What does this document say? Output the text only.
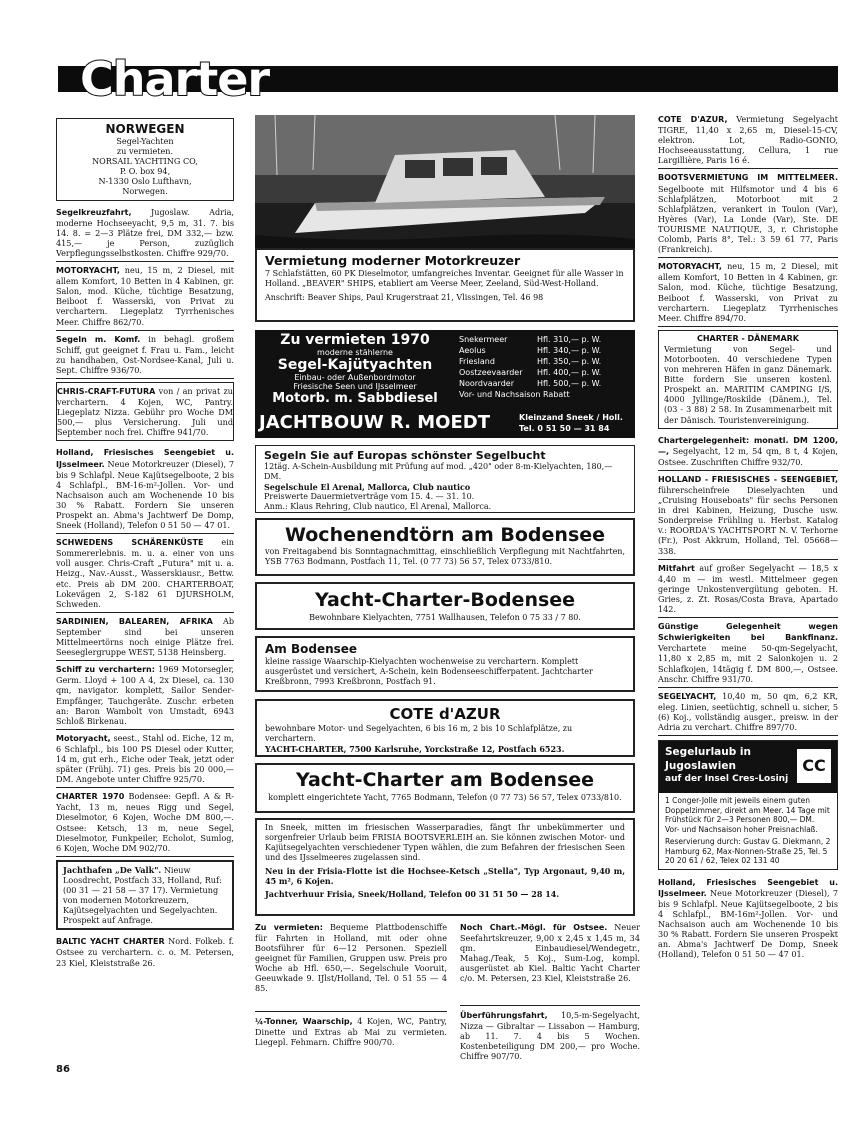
Charter
NORWEGEN
Segel-Yachten
zu vermieten.
NORSAIL YACHTING CO,
P. O. box 94,
N-1330 Oslo Lufthavn,
Norwegen.
Segelkreuzfahrt, Jugoslaw. Adria, moderne Hochseeyacht, 9,5 m, 31. 7. bis 14. 8. = 2—3 Plätze frei, DM 332,— bzw. 415,— je Person, zuzüglich Verpflegungsselbstkosten. Chiffre 929/70.
MOTORYACHT, neu, 15 m, 2 Diesel, mit allem Komfort, 10 Betten in 4 Kabinen, gr. Salon, mod. Küche, tüchtige Besatzung, Beiboot f. Wasserski, von Privat zu verchartern. Liegeplatz Tyrrhenisches Meer. Chiffre 862/70.
Segeln m. Komf. in behagl. großem Schiff, gut geeignet f. Frau u. Fam., leicht zu handhaben, Ost-Nordsee-Kanal, Juli u. Sept. Chiffre 936/70.
CHRIS-CRAFT-FUTURA von / an privat zu verchartern. 4 Kojen, WC, Pantry. Liegeplatz Nizza. Gebühr pro Woche DM 500,— plus Versicherung. Juli und September noch frei. Chiffre 941/70.
Holland, Friesisches Seengebiet u. IJsselmeer. Neue Motorkreuzer (Diesel), 7 bis 9 Schlafpl. Neue Kajütsegelboote, 2 bis 4 Schlafpl., BM-16-m²-Jollen. Vor- und Nachsaison auch am Wochenende 10 bis 30 % Rabatt. Fordern Sie unseren Prospekt an. Abma's Jachtwerf De Domp, Sneek (Holland), Telefon 0 51 50 — 47 01.
SCHWEDENS SCHÄRENKÜSTE ein Sommererlebnis. m. u. a. einer von uns voll ausger. Chris-Craft „Futura" mit u. a. Heizg., Nav.-Ausst., Wasserskiausr., Bettw. etc. Preis ab DM 200. CHARTERBOAT, Lokevägen 2, S-182 61 DJURSHOLM, Schweden.
SARDINIEN, BALEAREN, AFRIKA Ab September sind bei unseren Mittelmeertörns noch einige Plätze frei. Seeseglergruppe WEST, 5138 Heinsberg.
Schiff zu verchartern: 1969 Motorsegler, Germ. Lloyd + 100 A 4, 2x Diesel, ca. 130 qm, navigator. komplett, Sailor Sender-Empfänger, Tauchgeräte. Zuschr. erbeten an: Baron Wambolt von Umstadt, 6943 Schloß Birkenau.
Motoryacht, seest., Stahl od. Eiche, 12 m, 6 Schlafpl., bis 100 PS Diesel oder Kutter, 14 m, gut erh., Eiche oder Teak, jetzt oder später (Frühj. 71) ges. Preis bis 20 000,— DM. Angebote unter Chiffre 925/70.
CHARTER 1970 Bodensee: Gepfl. A & R-Yacht, 13 m, neues Rigg und Segel, Dieselmotor, 6 Kojen, Woche DM 800,—. Ostsee: Ketsch, 13 m, neue Segel, Dieselmotor, Funkpeiler, Echolot, Sumlog, 6 Kojen, Woche DM 902/70.
Jachthafen „De Valk". Nieuw Loosdrecht, Postfach 33, Holland, Ruf: (00 31 — 21 58 — 37 17). Vermietung von modernen Motorkreuzern, Kajütsegelyachten und Segelyachten. Prospekt auf Anfrage.
BALTIC YACHT CHARTER Nord. Folkeb. f. Ostsee zu verchartern. c. o. M. Petersen, 23 Kiel, Kleiststraße 26.
Vermietung moderner Motorkreuzer
7 Schlafstätten, 60 PK Dieselmotor, umfangreiches Inventar. Geeignet für alle Wasser in Holland. „BEAVER" SHIPS, etabliert am Veerse Meer, Zeeland, Süd-West-Holland.
Anschrift: Beaver Ships, Paul Krugerstraat 21, Vlissingen, Tel. 46 98
Zu vermieten 1970
moderne stählerne
Segel-Kajütyachten
Einbau- oder Außenbordmotor
Friesische Seen und IJsselmeer
Motorb. m. Sabbdiesel
Snekermeer	Hfl. 310,— p. W.
Aeolus	Hfl. 340,— p. W.
Friesland	Hfl. 350,— p. W.
Oostzeevaarder Hfl. 400,— p. W.
Noordvaarder	Hfl. 500,— p. W.
Vor- und Nachsaison Rabatt
JACHTBOUW R. MOEDT	Kleinzand Sneek / Holl.
Tel. 0 51 50 — 31 84
Segeln Sie auf Europas schönster Segelbucht
12täg. A-Schein-Ausbildung mit Prüfung auf mod. „420" oder 8-m-Kielyachten, 180,— DM.
Segelschule El Arenal, Mallorca, Club nautico
Preiswerte Dauermietverträge vom 15. 4. — 31. 10.
Anm.: Klaus Rehring, Club nautico, El Arenal, Mallorca.
Wochenendtörn am Bodensee
von Freitagabend bis Sonntagnachmittag, einschließlich Verpflegung mit Nachtfahrten, YSB 7763 Bodmann, Postfach 11, Tel. (0 77 73) 56 57, Telex 0733/810.
Yacht-Charter-Bodensee
Bewohnbare Kielyachten, 7751 Wallhausen, Telefon 0 75 33 / 7 80.
Am Bodensee
kleine rassige Waarschip-Kielyachten wochenweise zu verchartern. Komplett ausgerüstet und versichert, A-Schein, kein Bodenseeschifferpatent. Jachtcharter Kreßbronn, 7993 Kreßbronn, Postfach 91.
COTE d'AZUR
bewohnbare Motor- und Segelyachten, 6 bis 16 m, 2 bis 10 Schlafplätze, zu verchartern.
YACHT-CHARTER, 7500 Karlsruhe, Yorckstraße 12, Postfach 6523.
Yacht-Charter am Bodensee
komplett eingerichtete Yacht, 7765 Bodmann, Telefon (0 77 73) 56 57, Telex 0733/810.
In Sneek, mitten im friesischen Wasserparadies, fängt Ihr unbekümmerter und sorgenfreier Urlaub beim FRISIA BOOTSVERLEIH an. Sie können zwischen Motor- und Kajütsegelyachten verschiedener Typen wählen, die zum Befahren der friesischen Seen und des IJsselmeeres zugelassen sind.
Neu in der Frisia-Flotte ist die Hochsee-Ketsch „Stella", Typ Argonaut, 9,40 m, 45 m², 6 Kojen.
Jachtverhuur Frisia, Sneek/Holland, Telefon 00 31 51 50 — 28 14.
Zu vermieten: Bequeme Plattbodenschiffe für Fahrten in Holland, mit oder ohne Bootsführer für 6—12 Personen. Speziell geeignet für Familien, Gruppen usw. Preis pro Woche ab Hfl. 650,—. Segelschule Vooruit, Geeuwkade 9. IJlst/Holland, Tel. 0 51 55 — 4 85.
¼-Tonner, Waarschip, 4 Kojen, WC, Pantry, Dinette und Extras ab Mai zu vermieten. Liegepl. Fehmarn. Chiffre 900/70.
Noch Chart.-Mögl. für Ostsee. Neuer Seefahrtskreuzer, 9,00 x 2,45 x 1,45 m, 34 qm. Einbaudiesel/Wendegetr., Mahag./Teak, 5 Koj., Sum-Log, kompl. ausgerüstet ab Kiel. Baltic Yacht Charter c/o. M. Petersen, 23 Kiel, Kleiststraße 26.
Überführungsfahrt, 10,5-m-Segelyacht, Nizza — Gibraltar — Lissabon — Hamburg, ab 11. 7. 4 bis 5 Wochen. Kostenbeteiligung DM 200,— pro Woche. Chiffre 907/70.
COTE D'AZUR, Vermietung Segelyacht TIGRE, 11,40 x 2,65 m, Diesel-15-CV, elektron. Lot, Radio-GONIO, Hochseeausstattung, Cellura, 1 rue Largillière, Paris 16 é.
BOOTSVERMIETUNG IM MITTELMEER. Segelboote mit Hilfsmotor und 4 bis 6 Schlafplätzen, Motorboot mit 2 Schlafplätzen, verankert in Toulon (Var), Hyères (Var), La Londe (Var), Ste. DE TOURISME NAUTIQUE, 3, r. Christophe Colomb, Paris 8°, Tel.: 3 59 61 77, Paris (Frankreich).
MOTORYACHT, neu, 15 m, 2 Diesel, mit allem Komfort, 10 Betten in 4 Kabinen, gr. Salon, mod. Küche, tüchtige Besatzung, Beiboot f. Wasserski, von Privat zu verchartern. Liegeplatz Tyrrhenisches Meer. Chiffre 894/70.
CHARTER - DÄNEMARK
Vermietung von Segel- und Motorbooten. 40 verschiedene Typen von mehreren Häfen in ganz Dänemark. Bitte fordern Sie unseren kostenl. Prospekt an. MARITIM CAMPING I/S, 4000 Jyllinge/Roskilde (Dänem.), Tel. (03 - 3 88) 2 58. In Zusammenarbeit mit der Dänisch. Touristenvereinigung.
Chartergelegenheit: monatl. DM 1200,—, Segelyacht, 12 m, 54 qm, 8 t, 4 Kojen, Ostsee. Zuschriften Chiffre 932/70.
HOLLAND - FRIESISCHES - SEENGEBIET, führerscheinfreie Dieselyachten und „Cruising Houseboats" für sechs Personen in drei Kabinen, Heizung, Dusche usw. Sonderpreise Frühling u. Herbst. Katalog v.: ROORDA'S YACHTSPORT N. V. Terhorne (Fr.), Post Akkrum, Holland, Tel. 05668—338.
Mitfahrt auf großer Segelyacht — 18,5 x 4,40 m — im westl. Mittelmeer gegen geringe Unkostenvergütung geboten. H. Gries, z. Zt. Rosas/Costa Brava, Apartado 142.
Günstige Gelegenheit wegen Schwierigkeiten bei Bankfinanz. Verchartete meine 50-qm-Segelyacht, 11,80 x 2,85 m, mit 2 Salonkojen u. 2 Schlafkojen, 14tägig f. DM 800,—, Ostsee. Anschr. Chiffre 931/70.
SEGELYACHT, 10,40 m, 50 qm, 6,2 KR, eleg. Linien, seetüchtig, schnell u. sicher, 5 (6) Koj., vollständig ausger., preisw. in der Adria zu verchart. Chiffre 897/70.
Segelurlaub in
Jugoslawien
auf der Insel Cres-Losinj
CC
1 Conger-Jolle mit jeweils einem guten Doppelzimmer, direkt am Meer. 14 Tage mit Frühstück für 2—3 Personen 800,— DM. Vor- und Nachsaison hoher Preisnachlaß.
Reservierung durch: Gustav G. Diekmann, 2 Hamburg 62, Max-Nonnen-Straße 25, Tel. 5 20 20 61 / 62, Telex 02 131 40
Holland, Friesisches Seengebiet u. IJsselmeer. Neue Motorkreuzer (Diesel), 7 bis 9 Schlafpl. Neue Kajütsegelboote, 2 bis 4 Schlafpl., BM-16m²-Jollen. Vor- und Nachsaison auch am Wochenende 10 bis 30 % Rabatt. Fordern Sie unseren Prospekt an. Abma's Jachtwerf De Domp, Sneek (Holland), Telefon 0 51 50 — 47 01.
86
